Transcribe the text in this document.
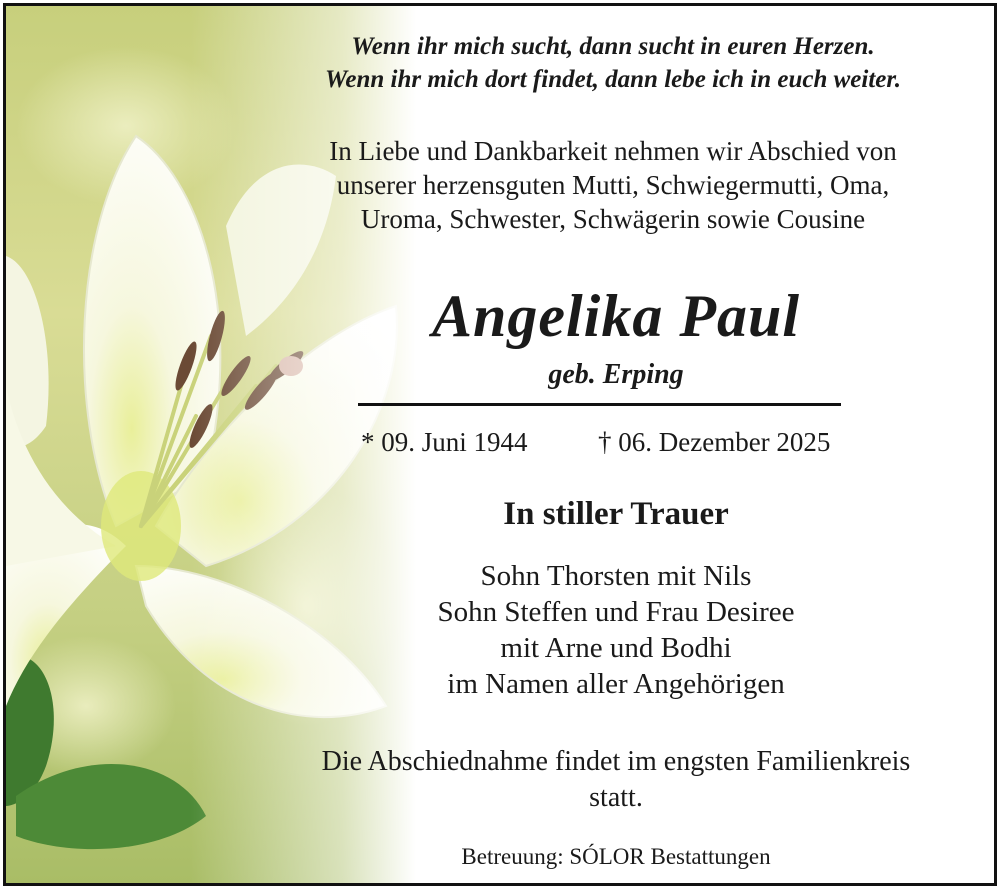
Wenn ihr mich sucht, dann sucht in euren Herzen.
Wenn ihr mich dort findet, dann lebe ich in euch weiter.
In Liebe und Dankbarkeit nehmen wir Abschied von
unserer herzensguten Mutti, Schwiegermutti, Oma,
Uroma, Schwester, Schwägerin sowie Cousine
Angelika Paul
geb. Erping
* 09. Juni 1944	† 06. Dezember 2025
In stiller Trauer
Sohn Thorsten mit Nils
Sohn Steffen und Frau Desiree
mit Arne und Bodhi
im Namen aller Angehörigen
Die Abschiednahme findet im engsten Familienkreis
statt.
Betreuung: SÓLOR Bestattungen
